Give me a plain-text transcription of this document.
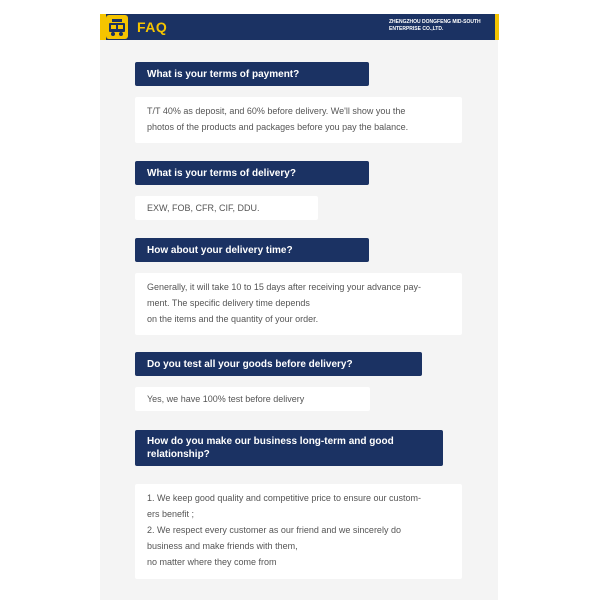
FAQ	ZHENGZHOU DONGFENG MID-SOUTH
ENTERPRISE CO.,LTD.
What is your terms of payment?

T/T 40% as deposit, and 60% before delivery. We'll show you the

photos of the products and packages before you pay the balance.

What is your terms of delivery?

EXW, FOB, CFR, CIF, DDU.

How about your delivery time?

Generally, it will take 10 to 15 days after receiving your advance pay-

ment. The specific delivery time depends

on the items and the quantity of your order.

Do you test all your goods before delivery?

Yes, we have 100% test before delivery

How do you make our business long-term and good relationship?

1. We keep good quality and competitive price to ensure our custom-

ers benefit ;

2. We respect every customer as our friend and we sincerely do

business and make friends with them,

no matter where they come from
